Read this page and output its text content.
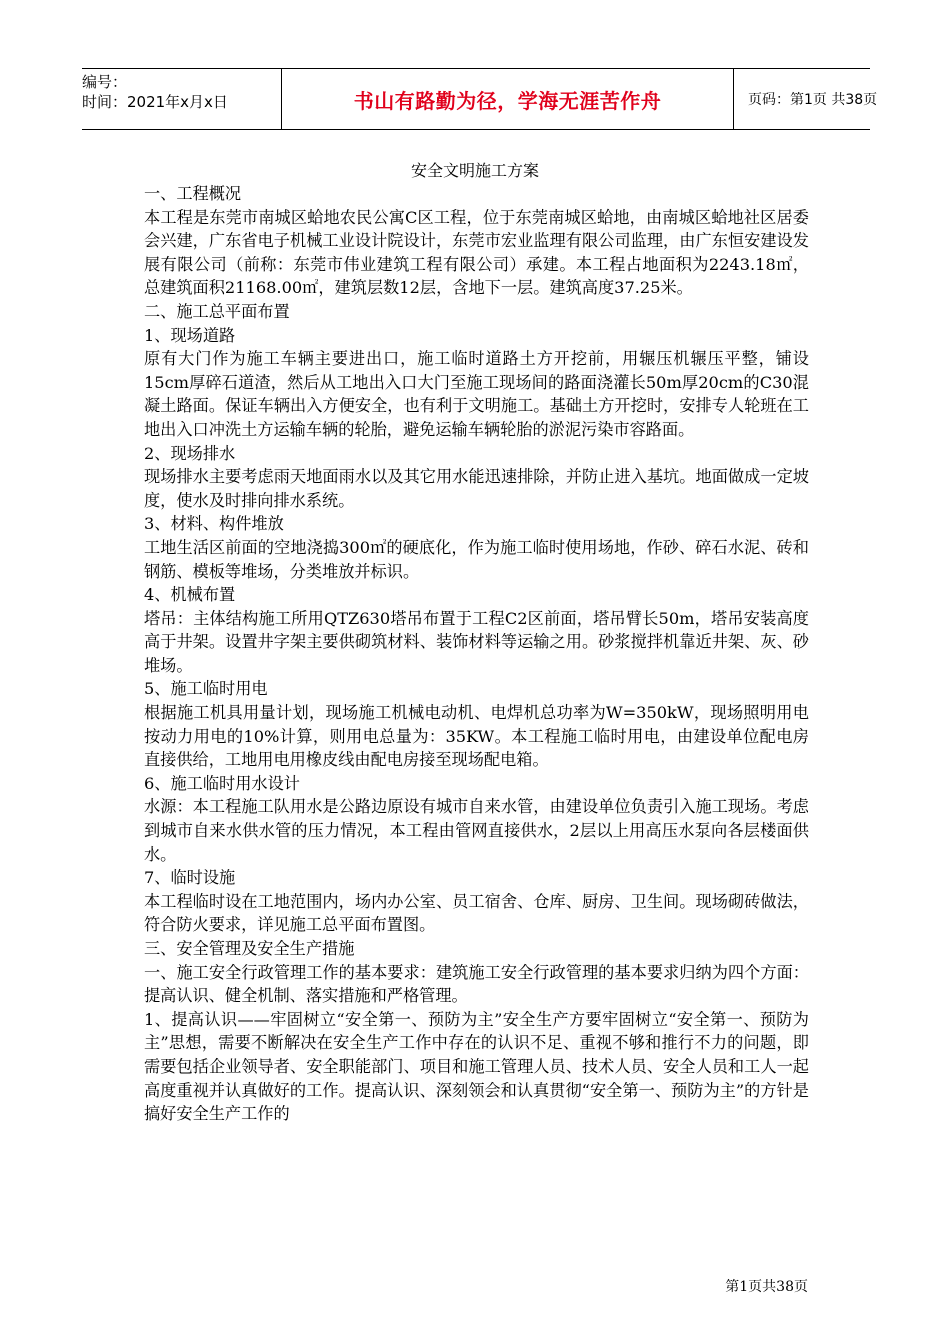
编号：
时间：2021年x月x日	书山有路勤为径，学海无涯苦作舟	页码：第1页 共38页
安全文明施工方案

一、工程概况

本工程是东莞市南城区蛤地农民公寓C区工程，位于东莞南城区蛤地，由南城区蛤地社区居委会兴建，广东省电子机械工业设计院设计，东莞市宏业监理有限公司监理，由广东恒安建设发展有限公司（前称：东莞市伟业建筑工程有限公司）承建。本工程占地面积为2243.18㎡，总建筑面积21168.00㎡，建筑层数12层，含地下一层。建筑高度37.25米。

二、施工总平面布置

1、现场道路

原有大门作为施工车辆主要进出口，施工临时道路土方开挖前，用辗压机辗压平整，铺设15cm厚碎石道渣，然后从工地出入口大门至施工现场间的路面浇灌长50m厚20cm的C30混凝土路面。保证车辆出入方便安全，也有利于文明施工。基础土方开挖时，安排专人轮班在工地出入口冲洗土方运输车辆的轮胎，避免运输车辆轮胎的淤泥污染市容路面。

2、现场排水

现场排水主要考虑雨天地面雨水以及其它用水能迅速排除，并防止进入基坑。地面做成一定坡度，使水及时排向排水系统。

3、材料、构件堆放

工地生活区前面的空地浇捣300㎡的硬底化，作为施工临时使用场地，作砂、碎石水泥、砖和钢筋、模板等堆场，分类堆放并标识。

4、机械布置

塔吊：主体结构施工所用QTZ630塔吊布置于工程C2区前面，塔吊臂长50m，塔吊安装高度高于井架。设置井字架主要供砌筑材料、装饰材料等运输之用。砂浆搅拌机靠近井架、灰、砂堆场。

5、施工临时用电

根据施工机具用量计划，现场施工机械电动机、电焊机总功率为W=350kW，现场照明用电按动力用电的10%计算，则用电总量为：35KW。本工程施工临时用电，由建设单位配电房直接供给，工地用电用橡皮线由配电房接至现场配电箱。

6、施工临时用水设计

水源：本工程施工队用水是公路边原设有城市自来水管，由建设单位负责引入施工现场。考虑到城市自来水供水管的压力情况，本工程由管网直接供水，2层以上用高压水泵向各层楼面供水。

7、临时设施

本工程临时设在工地范围内，场内办公室、员工宿舍、仓库、厨房、卫生间。现场砌砖做法，符合防火要求，详见施工总平面布置图。

三、安全管理及安全生产措施

一、施工安全行政管理工作的基本要求：建筑施工安全行政管理的基本要求归纳为四个方面：提高认识、健全机制、落实措施和严格管理。

1、提高认识——牢固树立“安全第一、预防为主”安全生产方要牢固树立“安全第一、预防为主”思想，需要不断解决在安全生产工作中存在的认识不足、重视不够和推行不力的问题，即需要包括企业领导者、安全职能部门、项目和施工管理人员、技术人员、安全人员和工人一起高度重视并认真做好的工作。提高认识、深刻领会和认真贯彻“安全第一、预防为主”的方针是搞好安全生产工作的

第1页共38页
